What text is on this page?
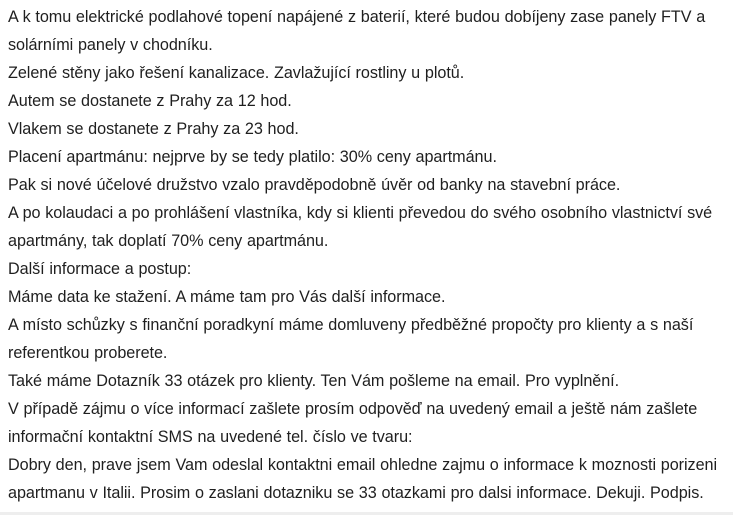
A k tomu elektrické podlahové topení napájené z baterií, které budou dobíjeny zase panely FTV a solárními panely v chodníku.

Zelené stěny jako řešení kanalizace. Zavlažující rostliny u plotů.

Autem se dostanete z Prahy za 12 hod.

Vlakem se dostanete z Prahy za 23 hod.

Placení apartmánu: nejprve by se tedy platilo: 30% ceny apartmánu.

Pak si nové účelové družstvo vzalo pravděpodobně úvěr od banky na stavební práce.

A po kolaudaci a po prohlášení vlastníka, kdy si klienti převedou do svého osobního vlastnictví své apartmány, tak doplatí 70% ceny apartmánu.

Další informace a postup:

Máme data ke stažení. A máme tam pro Vás další informace.

A místo schůzky s finanční poradkyní máme domluveny předběžné propočty pro klienty a s naší referentkou proberete.

Také máme Dotazník 33 otázek pro klienty. Ten Vám pošleme na email. Pro vyplnění.

V případě zájmu o více informací zašlete prosím odpověď na uvedený email a ještě nám zašlete informační kontaktní SMS na uvedené tel. číslo ve tvaru:

Dobry den, prave jsem Vam odeslal kontaktni email ohledne zajmu o informace k moznosti porizeni apartmanu v Italii. Prosim o zaslani dotazniku se 33 otazkami pro dalsi informace. Dekuji. Podpis.
